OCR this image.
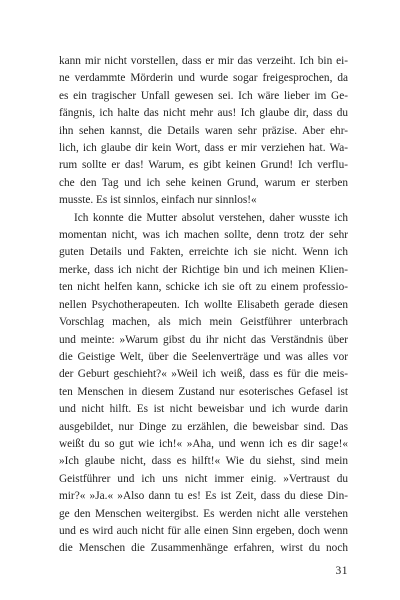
kann mir nicht vorstellen, dass er mir das verzeiht. Ich bin ei-
ne verdammte Mörderin und wurde sogar freigesprochen, da
es ein tragischer Unfall gewesen sei. Ich wäre lieber im Ge-
fängnis, ich halte das nicht mehr aus! Ich glaube dir, dass du
ihn sehen kannst, die Details waren sehr präzise. Aber ehr-
lich, ich glaube dir kein Wort, dass er mir verziehen hat. Wa-
rum sollte er das! Warum, es gibt keinen Grund! Ich verflu-
che den Tag und ich sehe keinen Grund, warum er sterben
musste. Es ist sinnlos, einfach nur sinnlos!«
Ich konnte die Mutter absolut verstehen, daher wusste ich
momentan nicht, was ich machen sollte, denn trotz der sehr
guten Details und Fakten, erreichte ich sie nicht. Wenn ich
merke, dass ich nicht der Richtige bin und ich meinen Klien-
ten nicht helfen kann, schicke ich sie oft zu einem professio-
nellen Psychotherapeuten. Ich wollte Elisabeth gerade diesen
Vorschlag machen, als mich mein Geistführer unterbrach
und meinte: »Warum gibst du ihr nicht das Verständnis über
die Geistige Welt, über die Seelenverträge und was alles vor
der Geburt geschieht?« »Weil ich weiß, dass es für die meis-
ten Menschen in diesem Zustand nur esoterisches Gefasel ist
und nicht hilft. Es ist nicht beweisbar und ich wurde darin
ausgebildet, nur Dinge zu erzählen, die beweisbar sind. Das
weißt du so gut wie ich!« »Aha, und wenn ich es dir sage!«
»Ich glaube nicht, dass es hilft!« Wie du siehst, sind mein
Geistführer und ich uns nicht immer einig. »Vertraust du
mir?« »Ja.« »Also dann tu es! Es ist Zeit, dass du diese Din-
ge den Menschen weitergibst. Es werden nicht alle verstehen
und es wird auch nicht für alle einen Sinn ergeben, doch wenn
die Menschen die Zusammenhänge erfahren, wirst du noch
31
